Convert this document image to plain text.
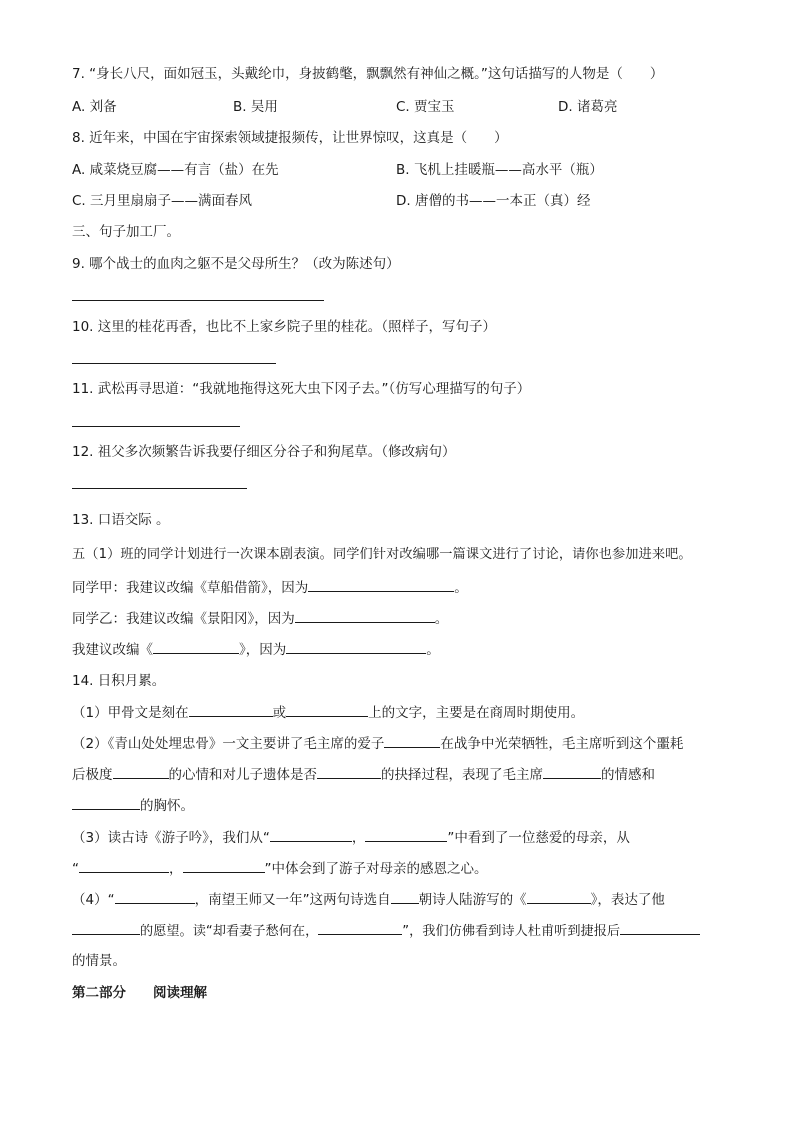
7. “身长八尺，面如冠玉，头戴纶巾，身披鹤氅，飘飘然有神仙之概。”这句话描写的人物是（　　）
A. 刘备	B. 吴用	C. 贾宝玉	D. 诸葛亮
8. 近年来，中国在宇宙探索领域捷报频传，让世界惊叹，这真是（　　）
A. 咸菜烧豆腐——有言（盐）在先	B. 飞机上挂暖瓶——高水平（瓶）
C. 三月里扇扇子——满面春风	D. 唐僧的书——一本正（真）经
三、句子加工厂。
9. 哪个战士的血肉之躯不是父母所生？（改为陈述句）
10. 这里的桂花再香，也比不上家乡院子里的桂花。（照样子，写句子）
11. 武松再寻思道：“我就地拖得这死大虫下冈子去。”（仿写心理描写的句子）
12. 祖父多次频繁告诉我要仔细区分谷子和狗尾草。（修改病句）
13. 口语交际 。
五（1）班的同学计划进行一次课本剧表演。同学们针对改编哪一篇课文进行了讨论，请你也参加进来吧。
同学甲：我建议改编《草船借箭》，因为	。
同学乙：我建议改编《景阳冈》，因为	。
我建议改编《	》，因为	。
14. 日积月累。
（1）甲骨文是刻在	或	上的文字，主要是在商周时期使用。
（2）《青山处处埋忠骨》一文主要讲了毛主席的爱子	在战争中光荣牺牲，毛主席听到这个噩耗
后极度	的心情和对儿子遗体是否	的抉择过程，表现了毛主席	的情感和
的胸怀。
（3）读古诗《游子吟》，我们从“	，	”中看到了一位慈爱的母亲，从
“	，	”中体会到了游子对母亲的感恩之心。
（4）“	，南望王师又一年”这两句诗选自 朝诗人陆游写的《	》，表达了他
的愿望。读“却看妻子愁何在，	”，我们仿佛看到诗人杜甫听到捷报后
的情景。
第二部分　　阅读理解
